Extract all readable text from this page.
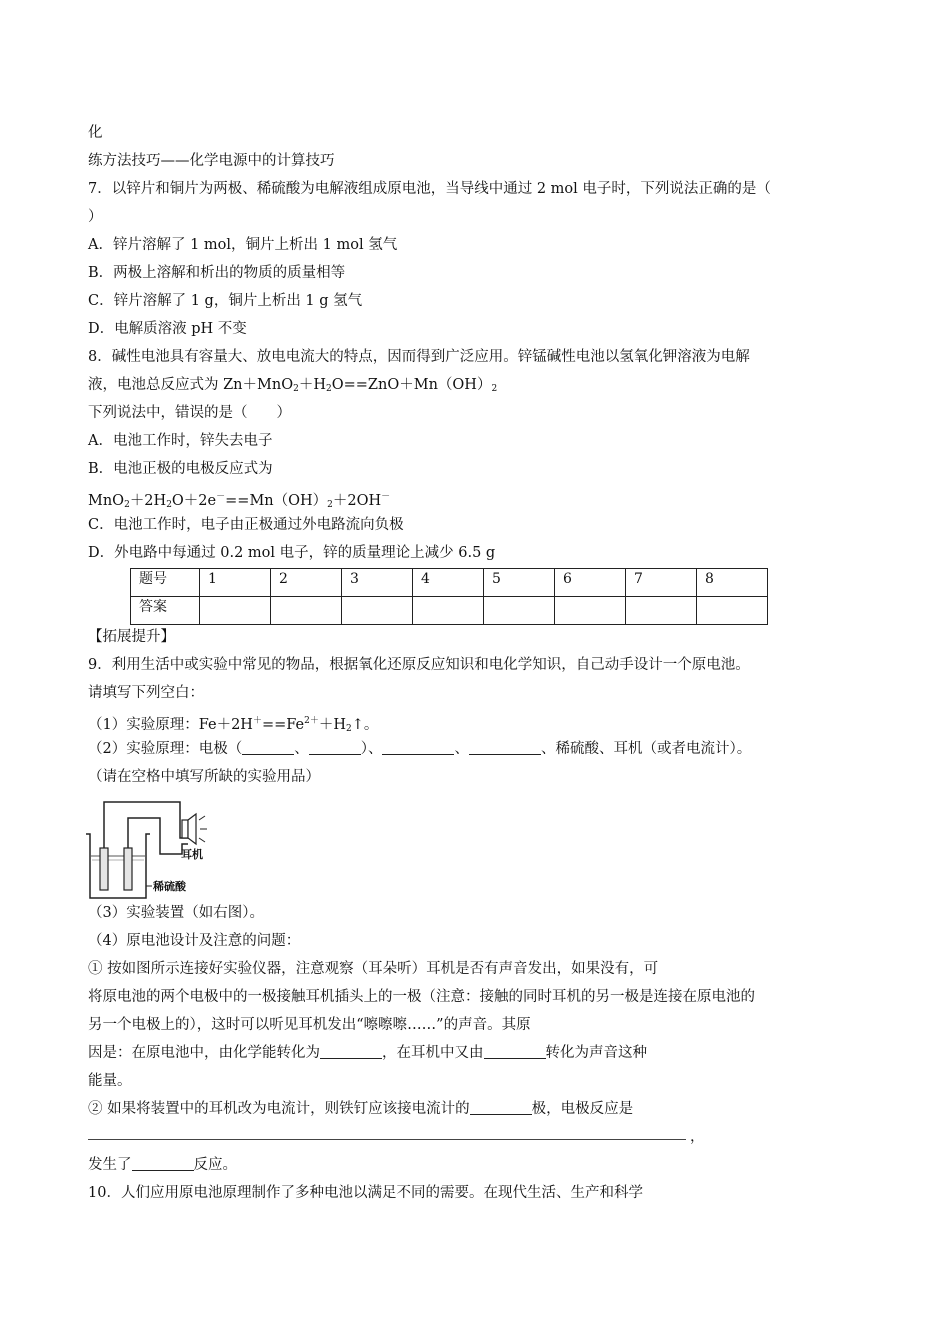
化
练方法技巧——化学电源中的计算技巧
7．以锌片和铜片为两极、稀硫酸为电解液组成原电池，当导线中通过 2 mol 电子时，下列说法正确的是（
）
A．锌片溶解了 1 mol，铜片上析出 1 mol 氢气
B．两极上溶解和析出的物质的质量相等
C．锌片溶解了 1 g，铜片上析出 1 g 氢气
D．电解质溶液 pH 不变
8．碱性电池具有容量大、放电电流大的特点，因而得到广泛应用。锌锰碱性电池以氢氧化钾溶液为电解
液，电池总反应式为 $Zn+MnO_2+H_2O==ZnO+Mn(OH)_2$
下列说法中，错误的是（　　）
A．电池工作时，锌失去电子
B．电池正极的电极反应式为
$MnO_2+2H_2O+2e^-==Mn(OH)_2+2OH^-$
C．电池工作时，电子由正极通过外电路流向负极
D．外电路中每通过 0.2 mol 电子，锌的质量理论上减少 6.5 g
题号	1	2	3	4	5	6	7	8
答案								
【拓展提升】
9．利用生活中或实验中常见的物品，根据氧化还原反应知识和电化学知识，自己动手设计一个原电池。
请填写下列空白：
（1）实验原理：$Fe+2H^+==Fe^{2+}+H_2↑$。
（2）实验原理：电极（	、	）、	、	、稀硫酸、耳机（或者电流计）。
（请在空格中填写所缺的实验用品）
耳机
稀硫酸
（3）实验装置（如右图）。
（4）原电池设计及注意的问题：
① 按如图所示连接好实验仪器，注意观察（耳朵听）耳机是否有声音发出，如果没有，可
将原电池的两个电极中的一极接触耳机插头上的一极（注意：接触的同时耳机的另一极是连接在原电池的
另一个电极上的），这时可以听见耳机发出“嚓嚓嚓……”的声音。其原
因是：在原电池中，由化学能转化为	，在耳机中又由	转化为声音这种
能量。
② 如果将装置中的耳机改为电流计，则铁钉应该接电流计的	极，电极反应是
，
发生了	反应。
10．人们应用原电池原理制作了多种电池以满足不同的需要。在现代生活、生产和科学
